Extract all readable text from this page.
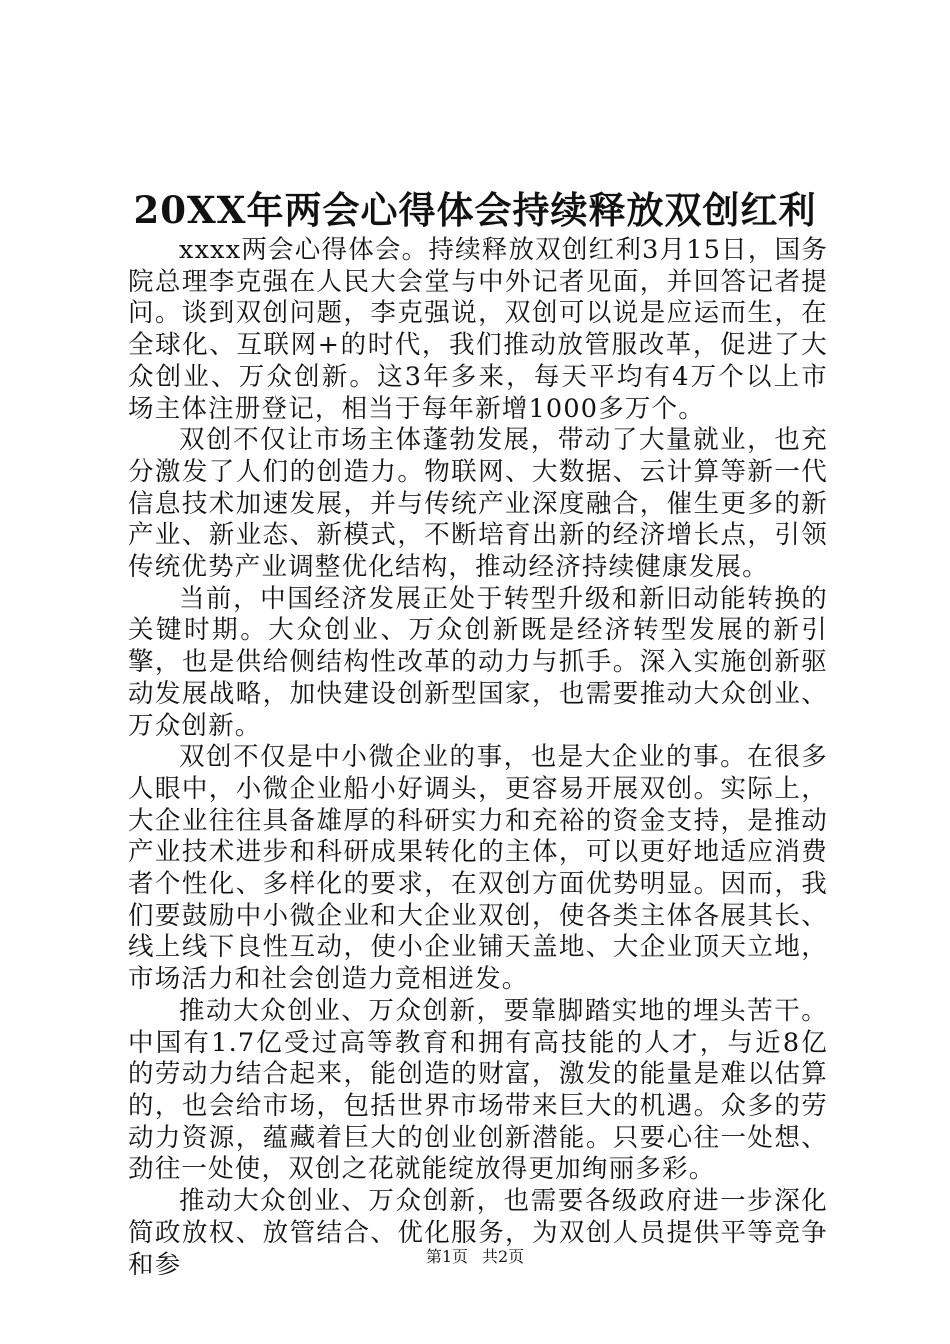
20XX年两会心得体会持续释放双创红利

xxxx两会心得体会。持续释放双创红利3月15日，国务院总理李克强在人民大会堂与中外记者见面，并回答记者提问。谈到双创问题，李克强说，双创可以说是应运而生，在全球化、互联网+的时代，我们推动放管服改革，促进了大众创业、万众创新。这3年多来，每天平均有4万个以上市场主体注册登记，相当于每年新增1000多万个。

双创不仅让市场主体蓬勃发展，带动了大量就业，也充分激发了人们的创造力。物联网、大数据、云计算等新一代信息技术加速发展，并与传统产业深度融合，催生更多的新产业、新业态、新模式，不断培育出新的经济增长点，引领传统优势产业调整优化结构，推动经济持续健康发展。

当前，中国经济发展正处于转型升级和新旧动能转换的关键时期。大众创业、万众创新既是经济转型发展的新引擎，也是供给侧结构性改革的动力与抓手。深入实施创新驱动发展战略，加快建设创新型国家，也需要推动大众创业、万众创新。

双创不仅是中小微企业的事，也是大企业的事。在很多人眼中，小微企业船小好调头，更容易开展双创。实际上，大企业往往具备雄厚的科研实力和充裕的资金支持，是推动产业技术进步和科研成果转化的主体，可以更好地适应消费者个性化、多样化的要求，在双创方面优势明显。因而，我们要鼓励中小微企业和大企业双创，使各类主体各展其长、线上线下良性互动，使小企业铺天盖地、大企业顶天立地，市场活力和社会创造力竞相迸发。

推动大众创业、万众创新，要靠脚踏实地的埋头苦干。中国有1.7亿受过高等教育和拥有高技能的人才，与近8亿的劳动力结合起来，能创造的财富，激发的能量是难以估算的，也会给市场，包括世界市场带来巨大的机遇。众多的劳动力资源，蕴藏着巨大的创业创新潜能。只要心往一处想、劲往一处使，双创之花就能绽放得更加绚丽多彩。

推动大众创业、万众创新，也需要各级政府进一步深化简政放权、放管结合、优化服务，为双创人员提供平等竞争和参	第1页 共2页
